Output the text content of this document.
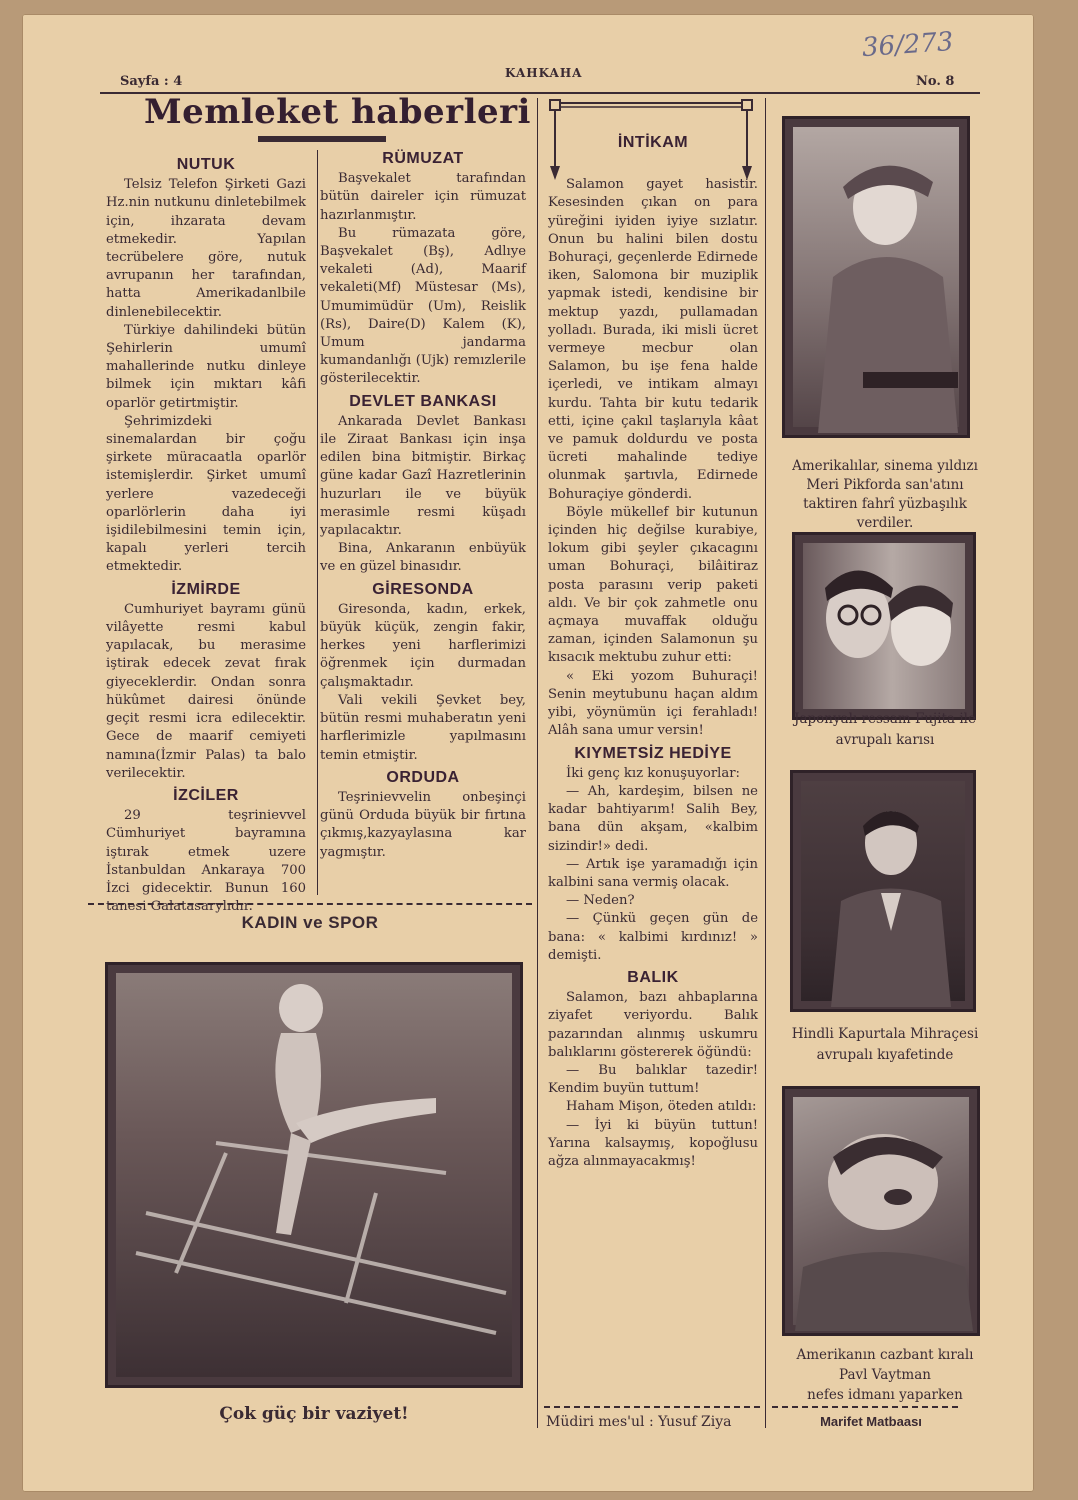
Sayfa : 4
KAHKAHA
No. 8
36/273
Memleket haberleri
NUTUK

Telsiz Telefon Şirketi Gazi Hz.nin nutkunu dinletebilmek için, ihzarata devam etmekedir. Yapılan tecrübelere göre, nutuk avrupanın her tarafından, hatta Amerikadanlbile dinlenebilecektir.

Türkiye dahilindeki bütün Şehirlerin umumî mahallerinde nutku dinleye bilmek için mıktarı kâfi oparlör getirtmiştir.

Şehrimizdeki sinemalardan bir çoğu şirkete müracaatla oparlör istemişlerdir. Şirket umumî yerlere vazedeceği oparlörlerin daha iyi işidilebilmesini temin için, kapalı yerleri tercih etmektedir.

İZMİRDE

Cumhuriyet bayramı günü vilâyette resmi kabul yapılacak, bu merasime iştirak edecek zevat fırak giyeceklerdir. Ondan sonra hükûmet dairesi önünde geçit resmi icra edilecektir. Gece de maarif cemiyeti namına(İzmir Palas) ta balo verilecektir.

İZCİLER

29 teşrinievvel Cümhuriyet bayramına iştırak etmek uzere İstanbuldan Ankaraya 700 İzci gidecektir. Bunun 160 tanesi Galatasarylıdır.

RÜMUZAT

Başvekalet tarafından bütün daireler için rümuzat hazırlanmıştır.

Bu rümazata göre, Başvekalet (Bş), Adlıye vekaleti (Ad), Maarif vekaleti(Mf) Müstesar (Ms), Umumimüdür (Um), Reislik (Rs), Daire(D) Kalem (K), Umum jandarma kumandanlığı (Ujk) remızlerile gösterilecektir.

DEVLET BANKASI

Ankarada Devlet Bankası ile Ziraat Bankası için inşa edilen bina bitmiştir. Birkaç güne kadar Gazî Hazretlerinin huzurları ile ve büyük merasimle resmi küşadı yapılacaktır.

Bina, Ankaranın enbüyük ve en güzel binasıdır.

GİRESONDA

Giresonda, kadın, erkek, büyük küçük, zengin fakir, herkes yeni harflerimizi öğrenmek için durmadan çalışmaktadır.

Vali vekili Şevket bey, bütün resmi muhaberatın yeni harflerimizle yapılmasını temin etmiştir.

ORDUDA

Teşrinievvelin onbeşinçi günü Orduda büyük bir fırtına çıkmış,kazyaylasına kar yagmıştır.

İNTİKAM

Salamon gayet hasistir. Kesesinden çıkan on para yüreğini iyiden iyiye sızlatır. Onun bu halini bilen dostu Bohuraçi, geçenlerde Edirnede iken, Salomona bir muziplik yapmak istedi, kendisine bir mektup yazdı, pullamadan yolladı. Burada, iki misli ücret vermeye mecbur olan Salamon, bu işe fena halde içerledi, ve intikam almayı kurdu. Tahta bir kutu tedarik etti, içine çakıl taşlarıyla kâat ve pamuk doldurdu ve posta ücreti mahalinde tediye olunmak şartıvla, Edirnede Bohuraçiye gönderdi.

Böyle mükellef bir kutunun içinden hiç değilse kurabiye, lokum gibi şeyler çıkacagını uman Bohuraçi, bilâitiraz posta parasını verip paketi aldı. Ve bir çok zahmetle onu açmaya muvaffak olduğu zaman, içinden Salamonun şu kısacık mektubu zuhur etti:

« Eki yozom Buhuraçi! Senin meytubunu haçan aldım yibi, yöynümün içi ferahladı! Alâh sana umur versin!

KIYMETSİZ HEDİYE

İki genç kız konuşuyorlar:

— Ah, kardeşim, bilsen ne kadar bahtiyarım! Salih Bey, bana dün akşam, «kalbim sizindir!» dedi.

— Artık işe yaramadığı için kalbini sana vermiş olacak.

— Neden?

— Çünkü geçen gün de bana: « kalbimi kırdınız! » demişti.

BALIK

Salamon, bazı ahbaplarına ziyafet veriyordu. Balık pazarından alınmış uskumru balıklarını göstererek öğündü:

— Bu balıklar tazedir! Kendim buyün tuttum!

Haham Mişon, öteden atıldı:

— İyi ki büyün tuttun! Yarına kalsaymış, kopoğlusu ağza alınmayacakmış!

KADIN ve SPOR
Çok güç bir vaziyet!
Amerikalılar, sinema yıldızı Meri Pikforda san'atını taktiren fahrî yüzbaşılık verdiler.
Japonyalı ressam Fujita ile
avrupalı karısı
Hindli Kapurtala Mihraçesi
avrupalı kıyafetinde
Amerikanın cazbant kıralı
Pavl Vaytman
nefes idmanı yaparken
Müdiri mes'ul : Yusuf Ziya	Marifet Matbaası
